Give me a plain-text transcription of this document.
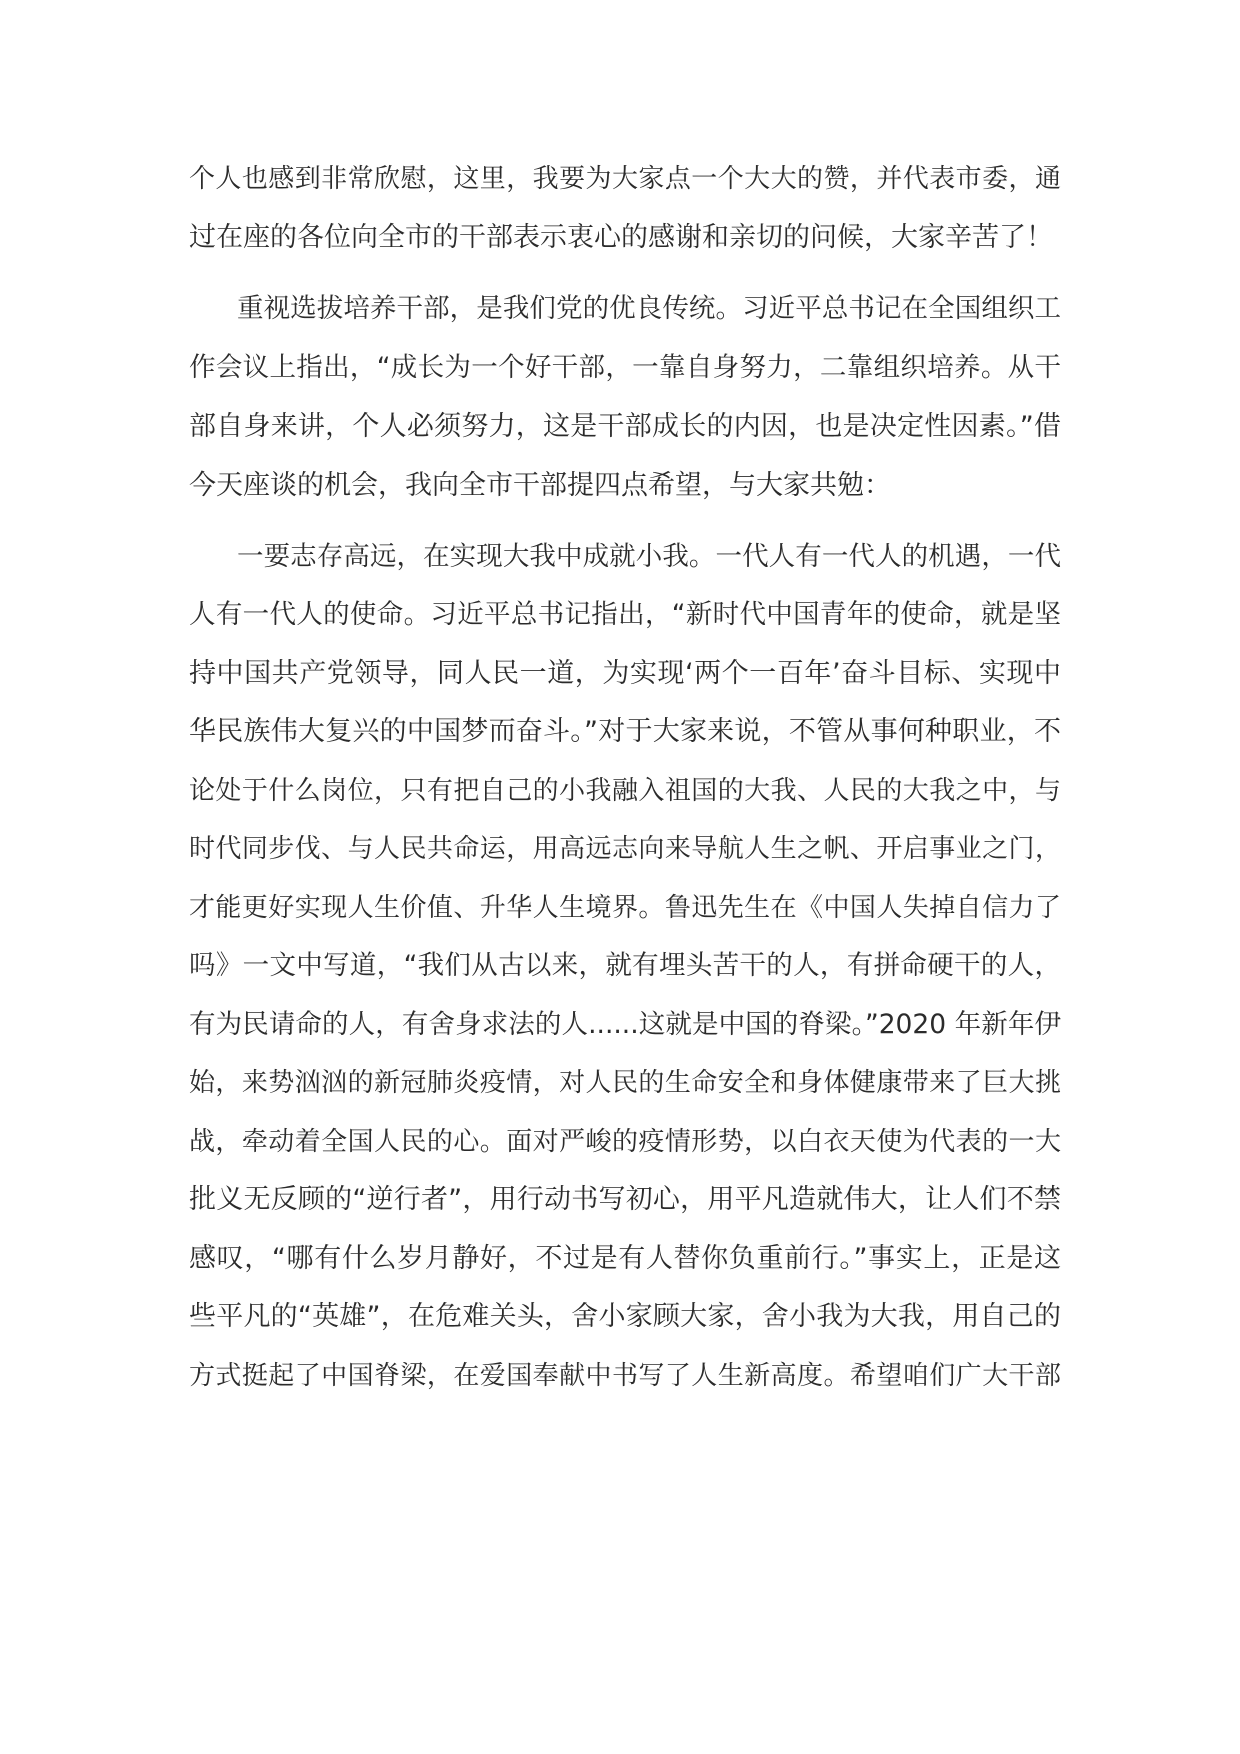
个人也感到非常欣慰，这里，我要为大家点一个大大的赞，并代表市委，通
过在座的各位向全市的干部表示衷心的感谢和亲切的问候，大家辛苦了！
重视选拔培养干部，是我们党的优良传统。习近平总书记在全国组织工
作会议上指出，“成长为一个好干部，一靠自身努力，二靠组织培养。从干
部自身来讲，个人必须努力，这是干部成长的内因，也是决定性因素。”借
今天座谈的机会，我向全市干部提四点希望，与大家共勉：
一要志存高远，在实现大我中成就小我。一代人有一代人的机遇，一代
人有一代人的使命。习近平总书记指出，“新时代中国青年的使命，就是坚
持中国共产党领导，同人民一道，为实现‘两个一百年’奋斗目标、实现中
华民族伟大复兴的中国梦而奋斗。”对于大家来说，不管从事何种职业，不
论处于什么岗位，只有把自己的小我融入祖国的大我、人民的大我之中，与
时代同步伐、与人民共命运，用高远志向来导航人生之帆、开启事业之门，
才能更好实现人生价值、升华人生境界。鲁迅先生在《中国人失掉自信力了
吗》一文中写道，“我们从古以来，就有埋头苦干的人，有拼命硬干的人，
有为民请命的人，有舍身求法的人......这就是中国的脊梁。”2020 年新年伊
始，来势汹汹的新冠肺炎疫情，对人民的生命安全和身体健康带来了巨大挑
战，牵动着全国人民的心。面对严峻的疫情形势，以白衣天使为代表的一大
批义无反顾的“逆行者”，用行动书写初心，用平凡造就伟大，让人们不禁
感叹，“哪有什么岁月静好，不过是有人替你负重前行。”事实上，正是这
些平凡的“英雄”，在危难关头，舍小家顾大家，舍小我为大我，用自己的
方式挺起了中国脊梁，在爱国奉献中书写了人生新高度。希望咱们广大干部
